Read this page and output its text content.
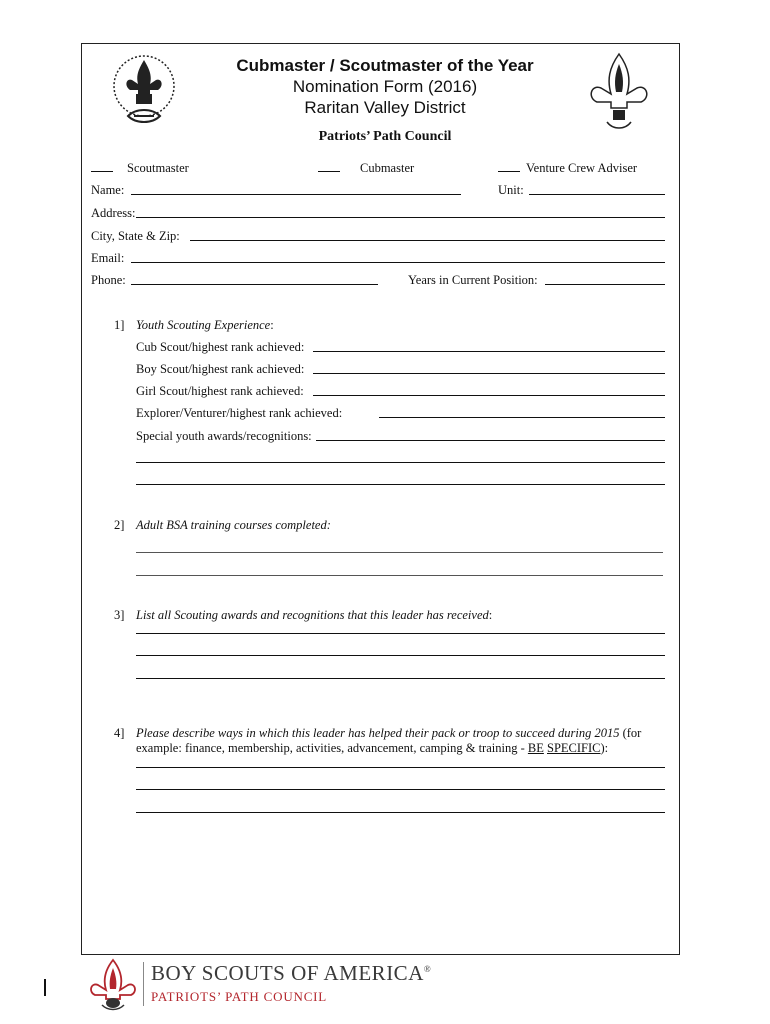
Cubmaster / Scoutmaster of the Year
Nomination Form (2016)
Raritan Valley District
Patriots’ Path Council
Scoutmaster	Cubmaster	Venture Crew Adviser
Name:	Unit:
Address:
City, State & Zip:
Email:
Phone:	Years in Current Position:
1] Youth Scouting Experience:
Cub Scout/highest rank achieved:
Boy Scout/highest rank achieved:
Girl Scout/highest rank achieved:
Explorer/Venturer/highest rank achieved:
Special youth awards/recognitions:
2] Adult BSA training courses completed:
3] List all Scouting awards and recognitions that this leader has received:
4] Please describe ways in which this leader has helped their pack or troop to succeed during 2015 (for
example: finance, membership, activities, advancement, camping & training - BE SPECIFIC):
BOY SCOUTS OF AMERICA®
PATRIOTS’ PATH COUNCIL
